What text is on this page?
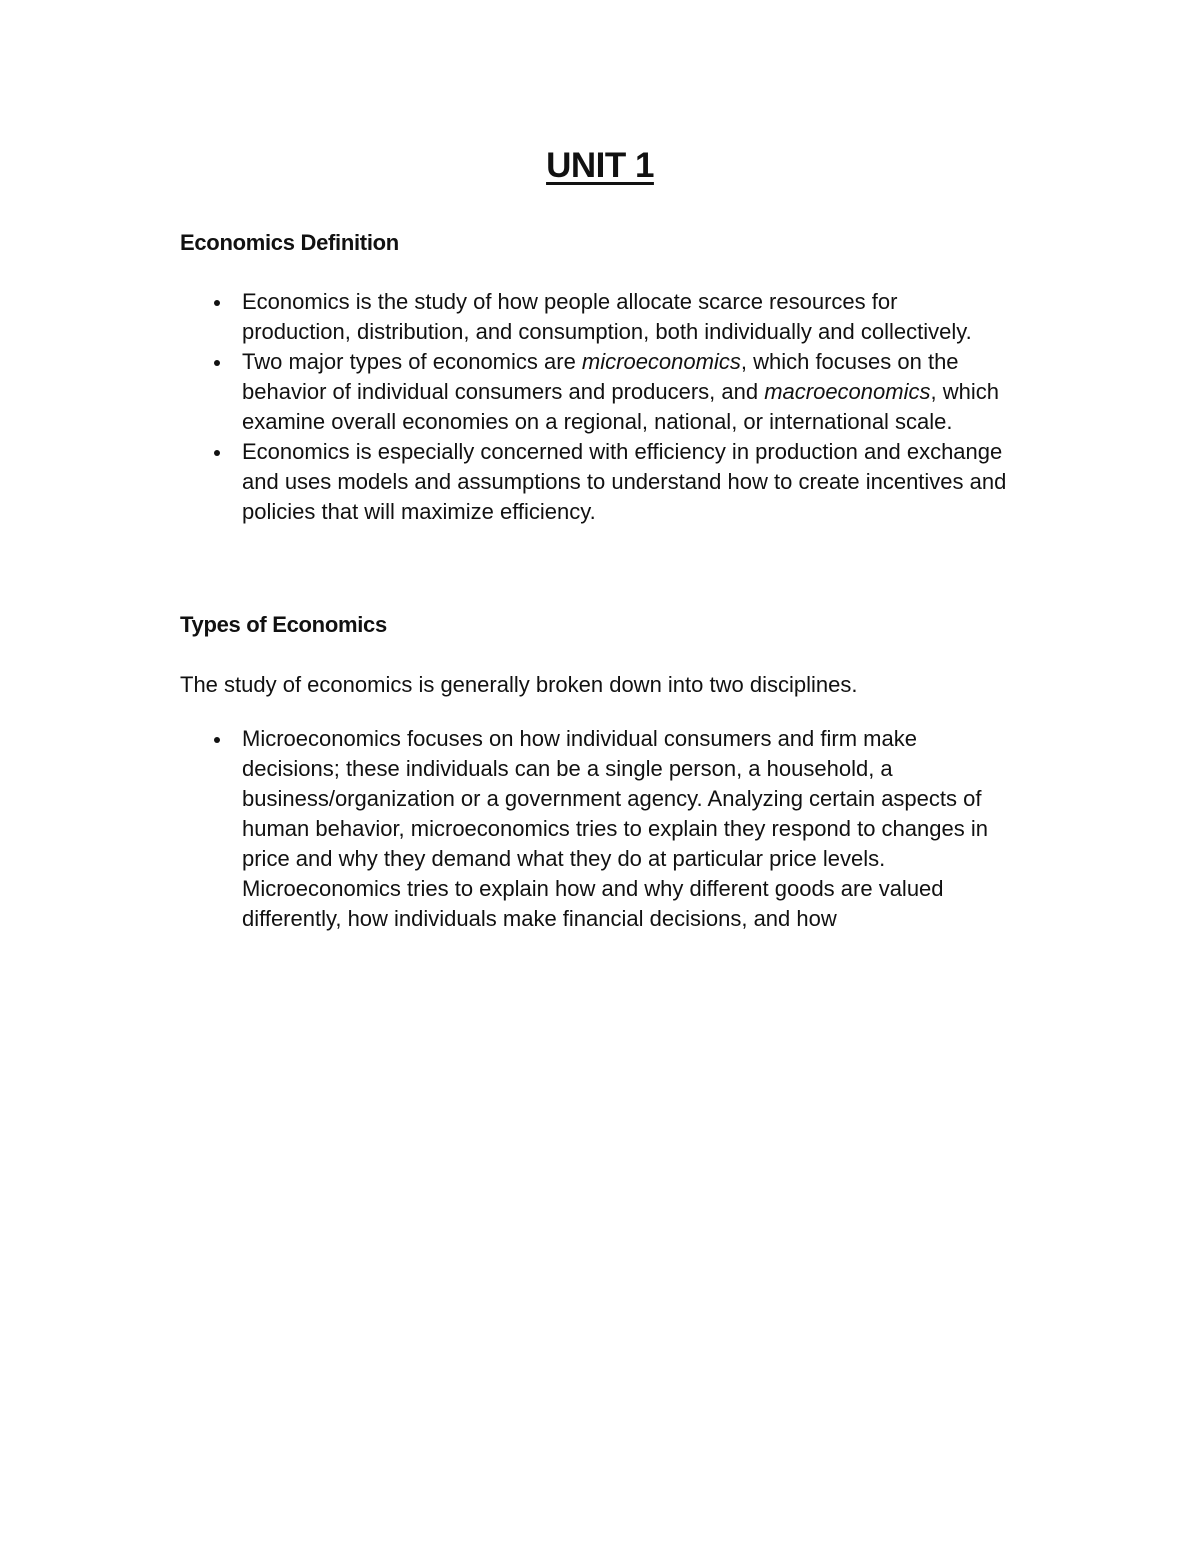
UNIT 1
Economics Definition
Economics is the study of how people allocate scarce resources for production, distribution, and consumption, both individually and collectively.
Two major types of economics are microeconomics, which focuses on the behavior of individual consumers and producers, and macroeconomics, which examine overall economies on a regional, national, or international scale.
Economics is especially concerned with efficiency in production and exchange and uses models and assumptions to understand how to create incentives and policies that will maximize efficiency.
Types of Economics

The study of economics is generally broken down into two disciplines.

Microeconomics focuses on how individual consumers and firm make decisions; these individuals can be a single person, a household, a business/organization or a government agency. Analyzing certain aspects of human behavior, microeconomics tries to explain they respond to changes in price and why they demand what they do at particular price levels. Microeconomics tries to explain how and why different goods are valued differently, how individuals make financial decisions, and how
